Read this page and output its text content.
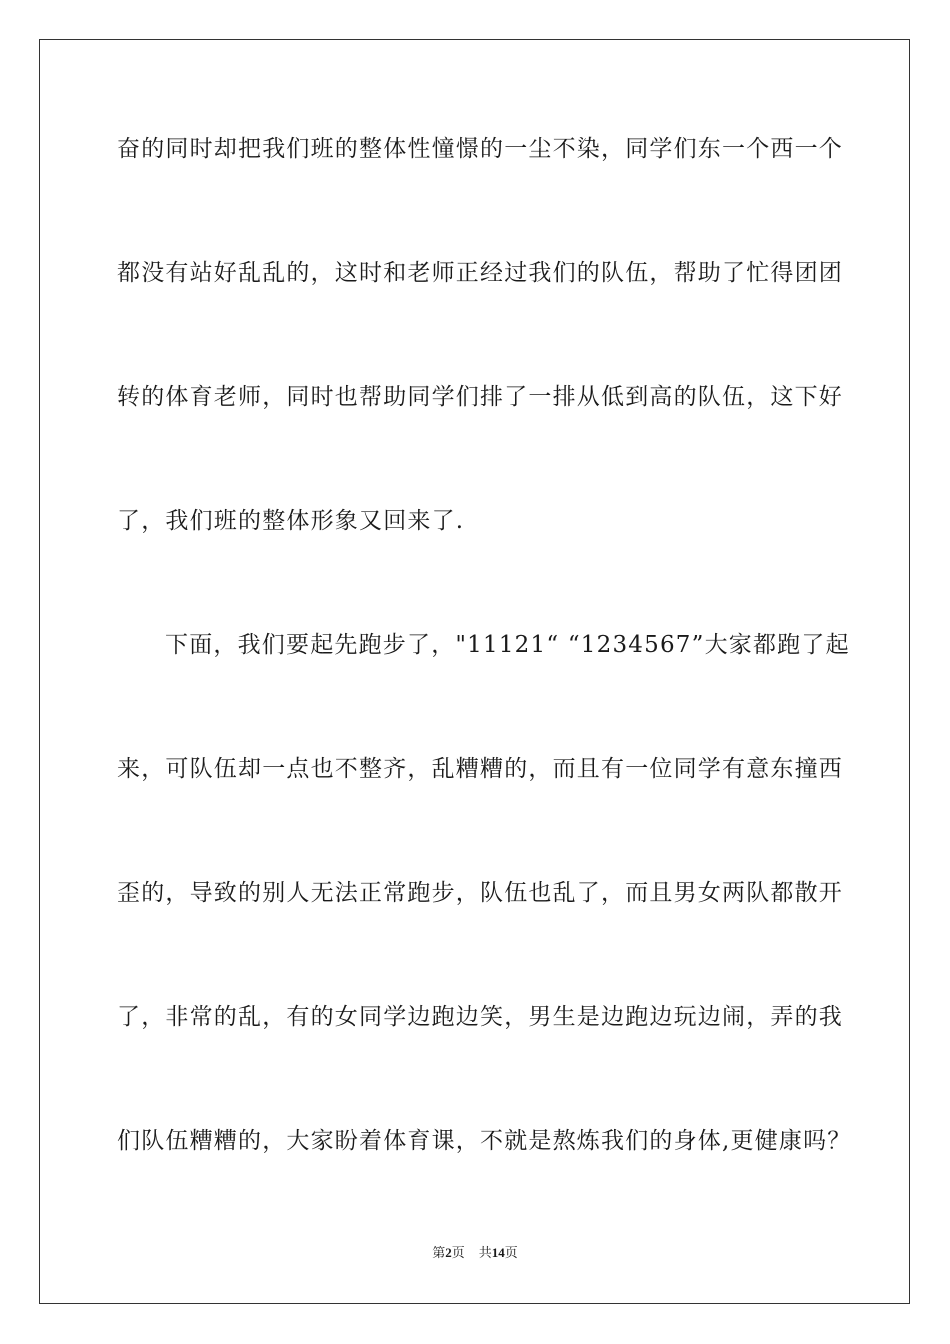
奋的同时却把我们班的整体性憧憬的一尘不染，同学们东一个西一个
都没有站好乱乱的，这时和老师正经过我们的队伍，帮助了忙得团团
转的体育老师，同时也帮助同学们排了一排从低到高的队伍，这下好
了，我们班的整体形象又回来了.
下面，我们要起先跑步了，"11121“ “1234567”大家都跑了起
来，可队伍却一点也不整齐，乱糟糟的，而且有一位同学有意东撞西
歪的，导致的别人无法正常跑步，队伍也乱了，而且男女两队都散开
了，非常的乱，有的女同学边跑边笑，男生是边跑边玩边闹，弄的我
们队伍糟糟的，大家盼着体育课，不就是熬炼我们的身体,更健康吗？
第2页 共14页
